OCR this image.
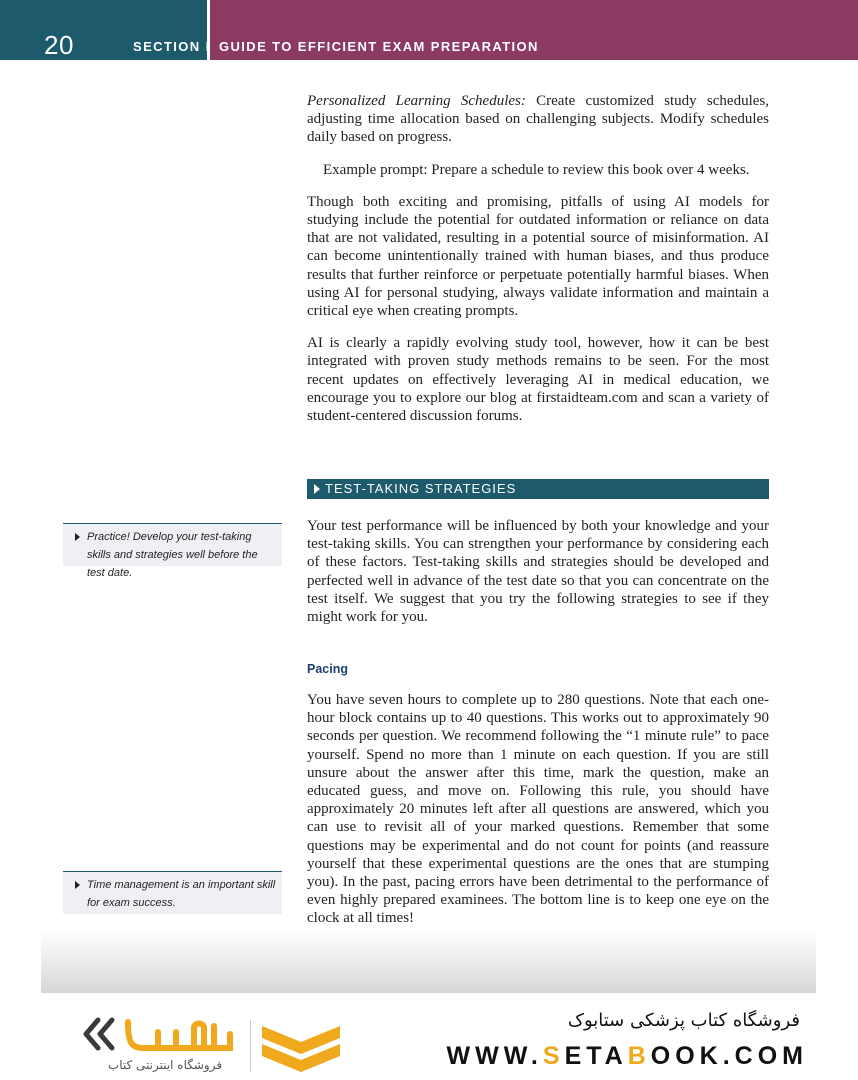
20	SECTION I GUIDE TO EFFICIENT EXAM PREPARATION

Personalized Learning Schedules: Create customized study schedules, adjusting time allocation based on challenging subjects. Modify schedules daily based on progress.

Example prompt: Prepare a schedule to review this book over 4 weeks.

Though both exciting and promising, pitfalls of using AI models for studying include the potential for outdated information or reliance on data that are not validated, resulting in a potential source of misinformation. AI can become unintentionally trained with human biases, and thus produce results that further reinforce or perpetuate potentially harmful biases. When using AI for personal studying, always validate information and maintain a critical eye when creating prompts.

AI is clearly a rapidly evolving study tool, however, how it can be best integrated with proven study methods remains to be seen. For the most recent updates on effectively leveraging AI in medical education, we encourage you to explore our blog at firstaidteam.com and scan a variety of student-centered discussion forums.

TEST-TAKING STRATEGIES

Your test performance will be influenced by both your knowledge and your test-taking skills. You can strengthen your performance by considering each of these factors. Test-taking skills and strategies should be developed and perfected well in advance of the test date so that you can concentrate on the test itself. We suggest that you try the following strategies to see if they might work for you.

Pacing

You have seven hours to complete up to 280 questions. Note that each one-hour block contains up to 40 questions. This works out to approximately 90 seconds per question. We recommend following the “1 minute rule” to pace yourself. Spend no more than 1 minute on each question. If you are still unsure about the answer after this time, mark the question, make an educated guess, and move on. Following this rule, you should have approximately 20 minutes left after all questions are answered, which you can use to revisit all of your marked questions. Remember that some questions may be experimental and do not count for points (and reassure yourself that these experimental questions are the ones that are stumping you). In the past, pacing errors have been detrimental to the performance of even highly prepared examinees. The bottom line is to keep one eye on the clock at all times!

Practice! Develop your test-taking skills and strategies well before the test date.
Time management is an important skill for exam success.
فروشگاه اینترنتی کتاب
فروشگاه کتاب پزشکی ستابوک
WWW.SETABOOK.COM
